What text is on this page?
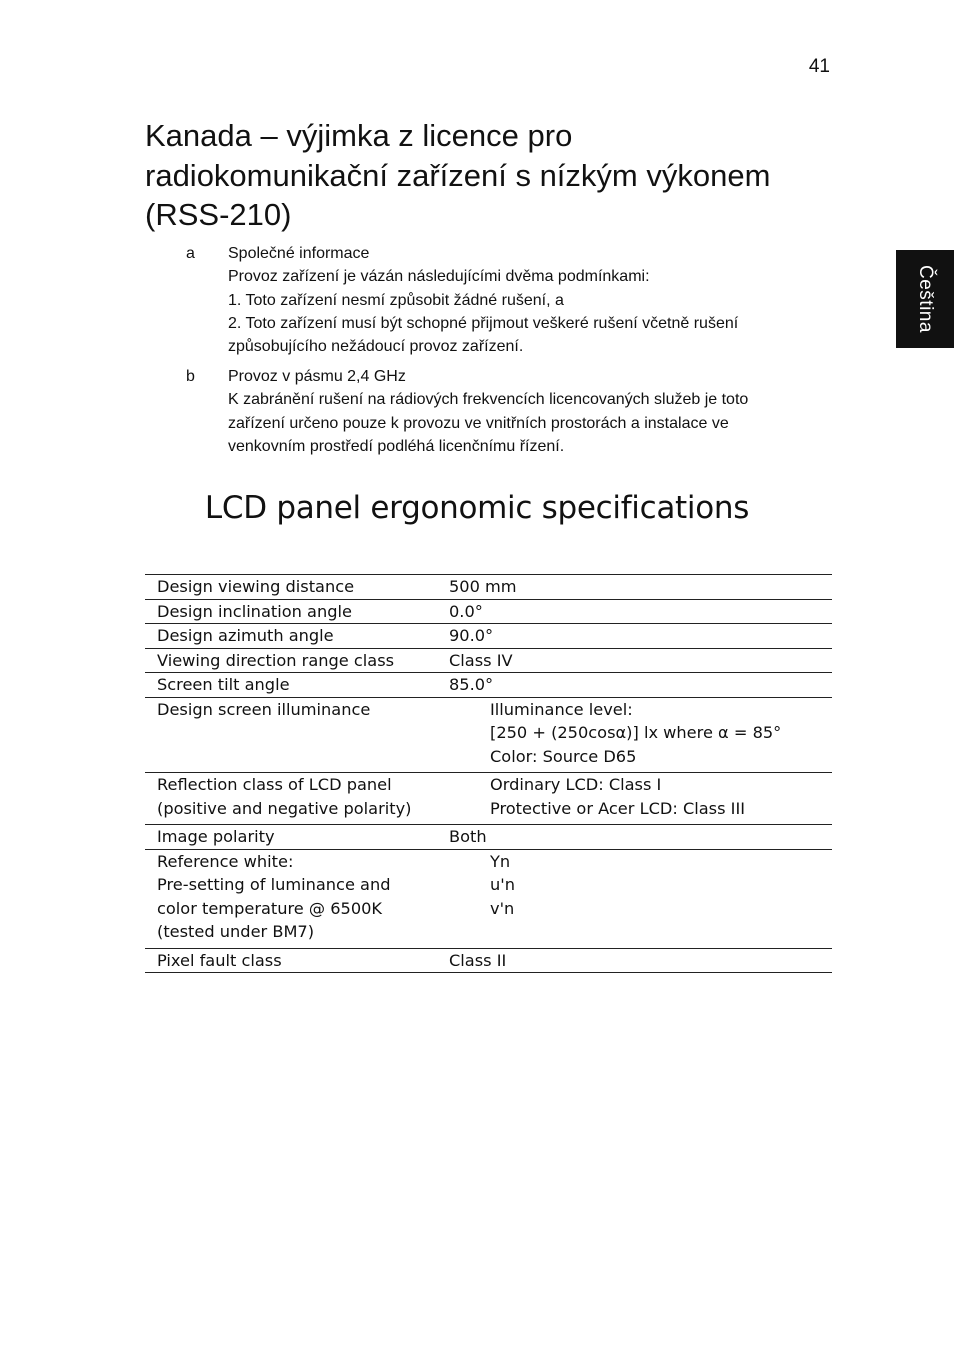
41
Čeština
Kanada – výjimka z licence pro
radiokomunikační zařízení s nízkým výkonem
(RSS-210)
a Společné informace
Provoz zařízení je vázán následujícími dvěma podmínkami:
1. Toto zařízení nesmí způsobit žádné rušení, a
2. Toto zařízení musí být schopné přijmout veškeré rušení včetně rušení
způsobujícího nežádoucí provoz zařízení.
b Provoz v pásmu 2,4 GHz
K zabránění rušení na rádiových frekvencích licencovaných služeb je toto
zařízení určeno pouze k provozu ve vnitřních prostorách a instalace ve
venkovním prostředí podléhá licenčnímu řízení.
LCD panel ergonomic specifications
Design viewing distance	500 mm

Design inclination angle	0.0°

Design azimuth angle	90.0°

Viewing direction range class	Class IV

Screen tilt angle	85.0°

Design screen illuminance	Illuminance level:
[250 + (250cosα)] lx where α = 85°
Color: Source D65

Reflection class of LCD panel
(positive and negative polarity)	Ordinary LCD: Class I
Protective or Acer LCD: Class III

Image polarity	Both

Reference white:
Pre-setting of luminance and
color temperature @ 6500K
(tested under BM7)	Yn
u'n
v'n

Pixel fault class	Class II
